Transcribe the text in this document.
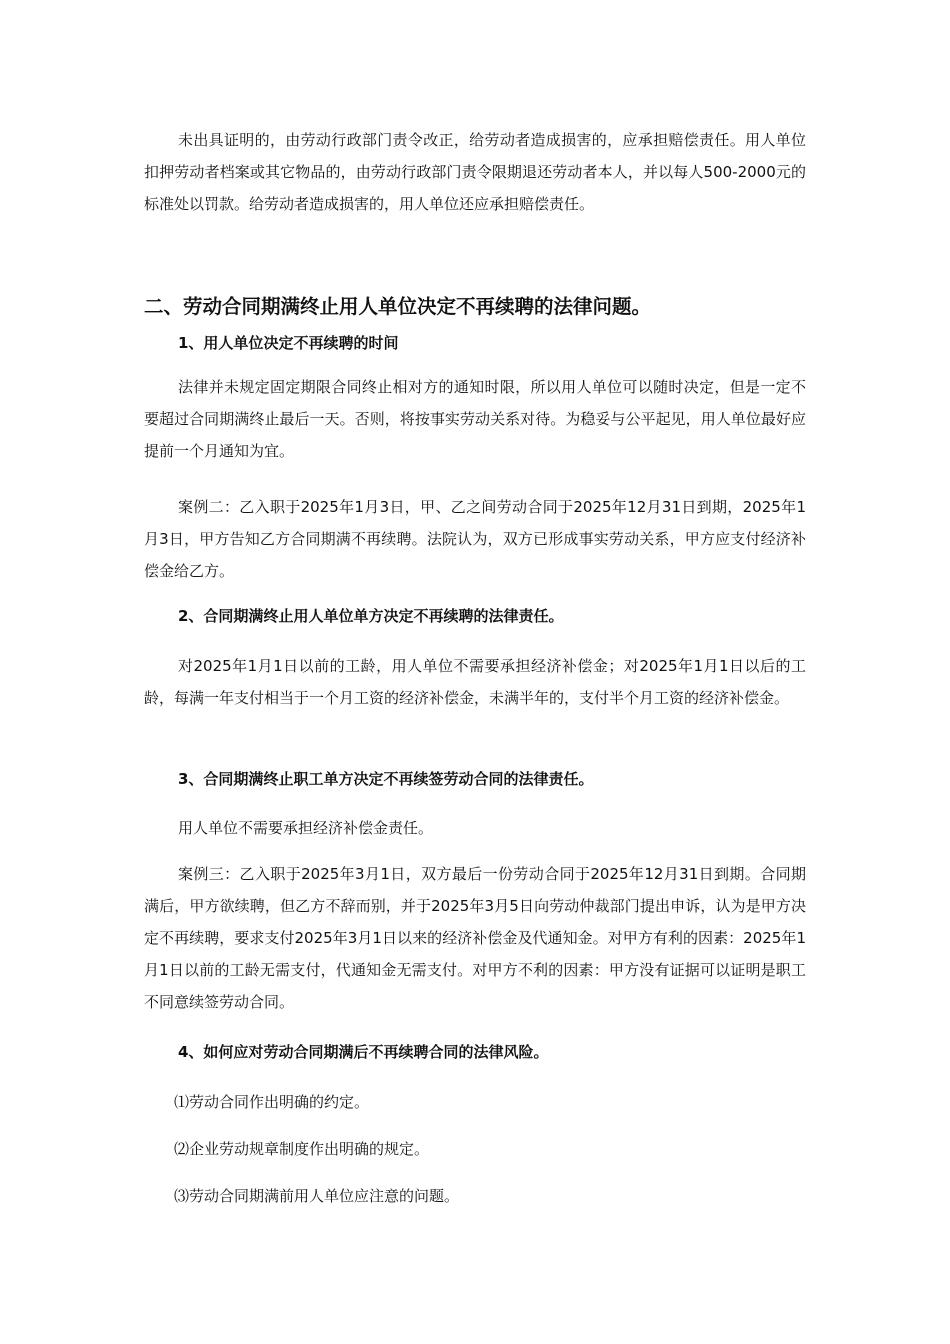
未出具证明的，由劳动行政部门责令改正，给劳动者造成损害的，应承担赔偿责任。用人单位扣押劳动者档案或其它物品的，由劳动行政部门责令限期退还劳动者本人，并以每人500-2000元的标准处以罚款。给劳动者造成损害的，用人单位还应承担赔偿责任。

二、劳动合同期满终止用人单位决定不再续聘的法律问题。
1、用人单位决定不再续聘的时间

法律并未规定固定期限合同终止相对方的通知时限，所以用人单位可以随时决定，但是一定不要超过合同期满终止最后一天。否则，将按事实劳动关系对待。为稳妥与公平起见，用人单位最好应提前一个月通知为宜。

案例二：乙入职于2025年1月3日，甲、乙之间劳动合同于2025年12月31日到期，2025年1月3日，甲方告知乙方合同期满不再续聘。法院认为，双方已形成事实劳动关系，甲方应支付经济补偿金给乙方。

2、合同期满终止用人单位单方决定不再续聘的法律责任。

对2025年1月1日以前的工龄，用人单位不需要承担经济补偿金；对2025年1月1日以后的工龄，每满一年支付相当于一个月工资的经济补偿金，未满半年的，支付半个月工资的经济补偿金。

3、合同期满终止职工单方决定不再续签劳动合同的法律责任。

用人单位不需要承担经济补偿金责任。

案例三：乙入职于2025年3月1日，双方最后一份劳动合同于2025年12月31日到期。合同期满后，甲方欲续聘，但乙方不辞而别，并于2025年3月5日向劳动仲裁部门提出申诉，认为是甲方决定不再续聘，要求支付2025年3月1日以来的经济补偿金及代通知金。对甲方有利的因素：2025年1月1日以前的工龄无需支付，代通知金无需支付。对甲方不利的因素：甲方没有证据可以证明是职工不同意续签劳动合同。

4、如何应对劳动合同期满后不再续聘合同的法律风险。

⑴劳动合同作出明确的约定。

⑵企业劳动规章制度作出明确的规定。

⑶劳动合同期满前用人单位应注意的问题。
